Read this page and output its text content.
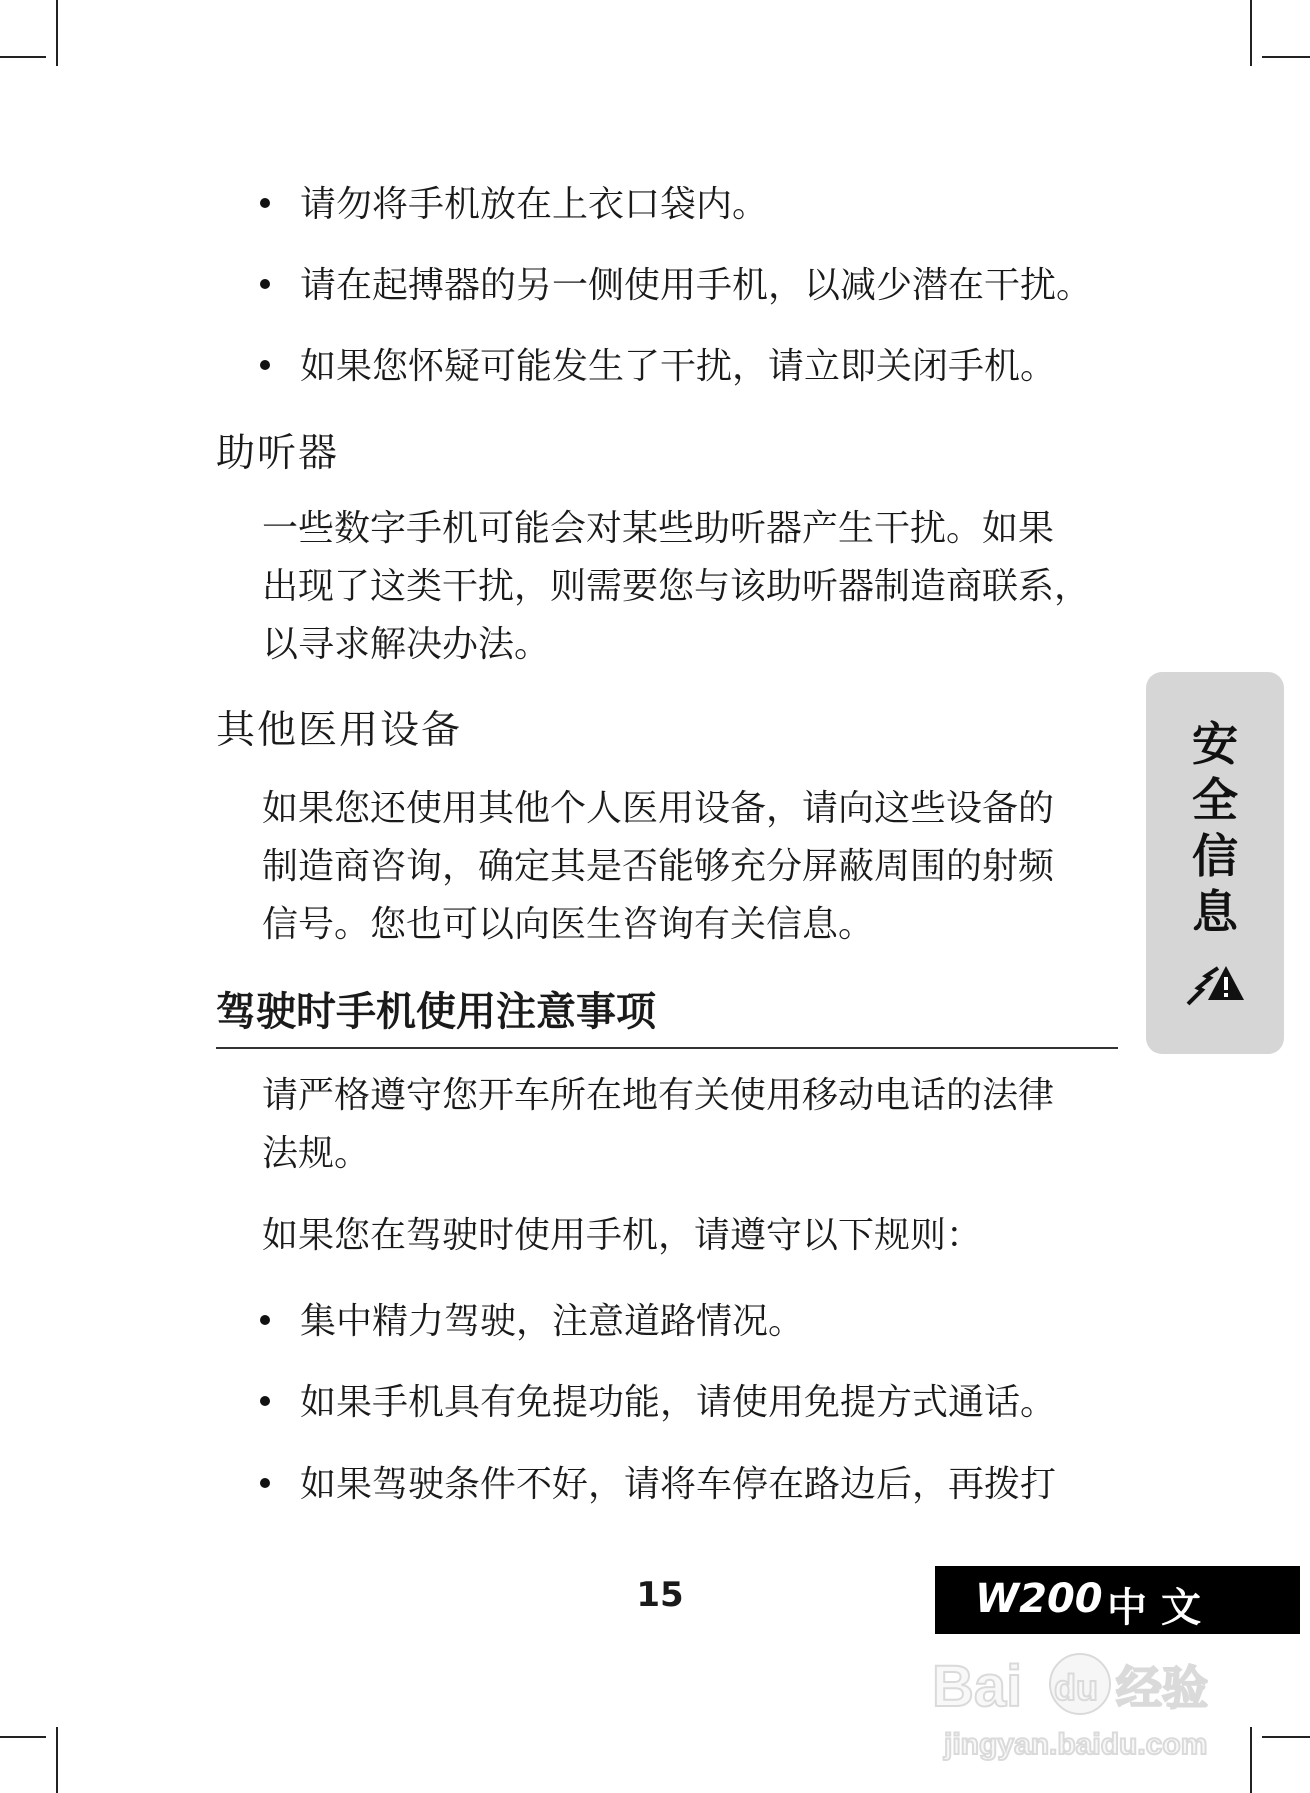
请勿将手机放在上衣口袋内。
请在起搏器的另一侧使用手机，以减少潜在干扰。
如果您怀疑可能发生了干扰，请立即关闭手机。
助听器
一些数字手机可能会对某些助听器产生干扰。如果
出现了这类干扰，则需要您与该助听器制造商联系，
以寻求解决办法。
其他医用设备
如果您还使用其他个人医用设备，请向这些设备的
制造商咨询，确定其是否能够充分屏蔽周围的射频
信号。您也可以向医生咨询有关信息。
驾驶时手机使用注意事项
请严格遵守您开车所在地有关使用移动电话的法律
法规。
如果您在驾驶时使用手机，请遵守以下规则：
集中精力驾驶，注意道路情况。
如果手机具有免提功能，请使用免提方式通话。
如果驾驶条件不好，请将车停在路边后，再拨打
安
全
信
息
15	W200 中文
Bai du 经验
jingyan.baidu.com
